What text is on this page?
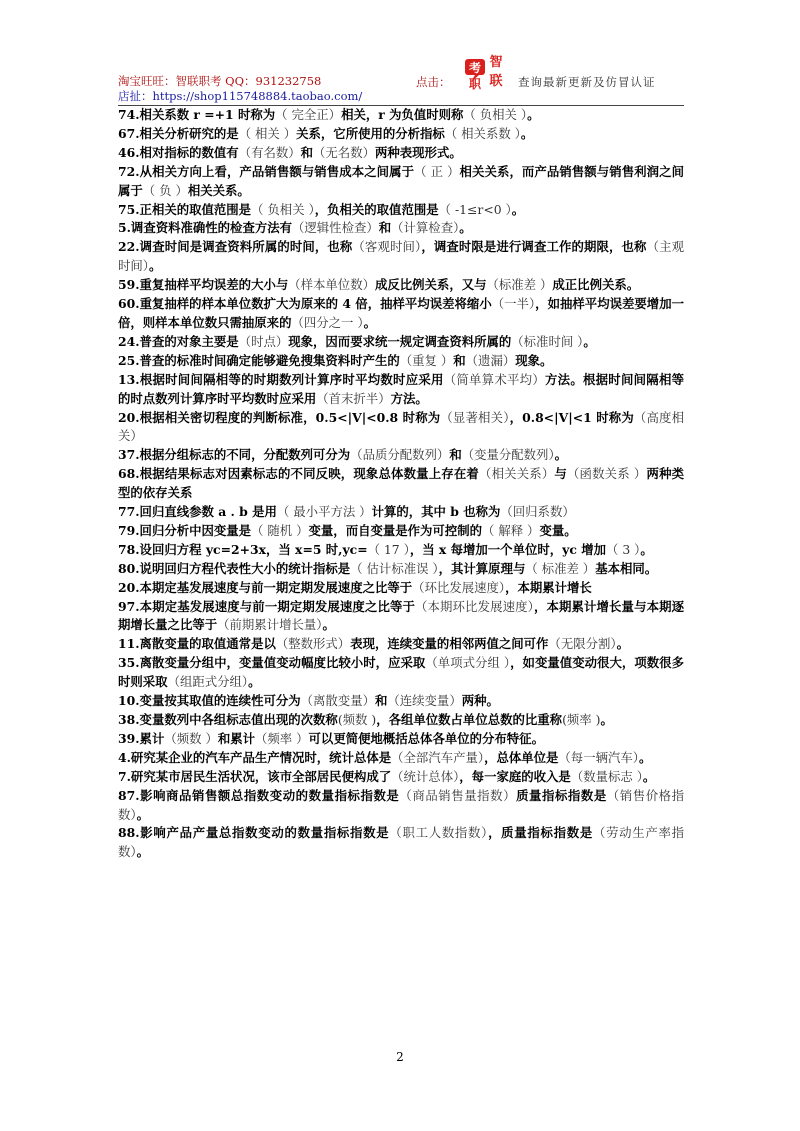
淘宝旺旺：智联职考 QQ：931232758
店扯：https://shop115748884.taobao.com/
点击：
考 智
职 联 查询最新更新及仿冒认证

74.相关系数 r =+1 时称为（ 完全正）相关，r 为负值时则称（ 负相关 ）。

67.相关分析研究的是（ 相关 ）关系，它所使用的分析指标（ 相关系数 ）。

46.相对指标的数值有（有名数）和（无名数）两种表现形式。

72.从相关方向上看，产品销售额与销售成本之间属于（ 正 ）相关关系，而产品销售额与销售利润之间属于（ 负 ）相关关系。

75.正相关的取值范围是（ 负相关 ），负相关的取值范围是（ -1≤r<0 ）。

5.调查资料准确性的检查方法有（逻辑性检查）和（计算检查）。

22.调查时间是调查资料所属的时间，也称（客观时间），调查时限是进行调查工作的期限，也称（主观时间）。

59.重复抽样平均误差的大小与（样本单位数）成反比例关系，又与（标准差 ）成正比例关系。

60.重复抽样的样本单位数扩大为原来的 4 倍，抽样平均误差将缩小（一半），如抽样平均误差要增加一倍，则样本单位数只需抽原来的（四分之一 ）。

24.普查的对象主要是（时点）现象，因而要求统一规定调查资料所属的（标准时间 ）。

25.普查的标准时间确定能够避免搜集资料时产生的（重复 ）和（遗漏）现象。

13.根据时间间隔相等的时期数列计算序时平均数时应采用（简单算术平均）方法。根据时间间隔相等的时点数列计算序时平均数时应采用（首末折半）方法。

20.根据相关密切程度的判断标准，0.5<|V|<0.8 时称为（显著相关），0.8<|V|<1 时称为（高度相关）

37.根据分组标志的不同，分配数列可分为（品质分配数列）和（变量分配数列）。

68.根据结果标志对因素标志的不同反映，现象总体数量上存在着（相关关系）与（函数关系 ）两种类型的依存关系

77.回归直线参数 a . b 是用（ 最小平方法 ）计算的，其中 b 也称为（回归系数）

79.回归分析中因变量是（ 随机 ）变量，而自变量是作为可控制的（ 解释 ）变量。

78.设回归方程 yc=2+3x，当 x=5 时,yc=（ 17 ），当 x 每增加一个单位时，yc 增加（ 3 ）。

80.说明回归方程代表性大小的统计指标是（ 估计标准误 ），其计算原理与（ 标准差 ）基本相同。

20.本期定基发展速度与前一期定期发展速度之比等于（环比发展速度），本期累计增长

97.本期定基发展速度与前一期定期发展速度之比等于（本期环比发展速度），本期累计增长量与本期逐期增长量之比等于（前期累计增长量）。

11.离散变量的取值通常是以（整数形式）表现，连续变量的相邻两值之间可作（无限分割）。

35.离散变量分组中，变量值变动幅度比较小时，应采取（单项式分组 ），如变量值变动很大，项数很多时则采取（组距式分组）。

10.变量按其取值的连续性可分为（离散变量）和（连续变量）两种。

38.变量数列中各组标志值出现的次数称(频数 )，各组单位数占单位总数的比重称(频率 )。

39.累计（频数 ）和累计（频率 ）可以更简便地概括总体各单位的分布特征。

4.研究某企业的汽车产品生产情况时，统计总体是（全部汽车产量），总体单位是（每一辆汽车）。

7.研究某市居民生活状况，该市全部居民便构成了（统计总体），每一家庭的收入是（数量标志 ）。

87.影响商品销售额总指数变动的数量指标指数是（商品销售量指数）质量指标指数是（销售价格指数）。

88.影响产品产量总指数变动的数量指标指数是（职工人数指数），质量指标指数是（劳动生产率指数）。

2
